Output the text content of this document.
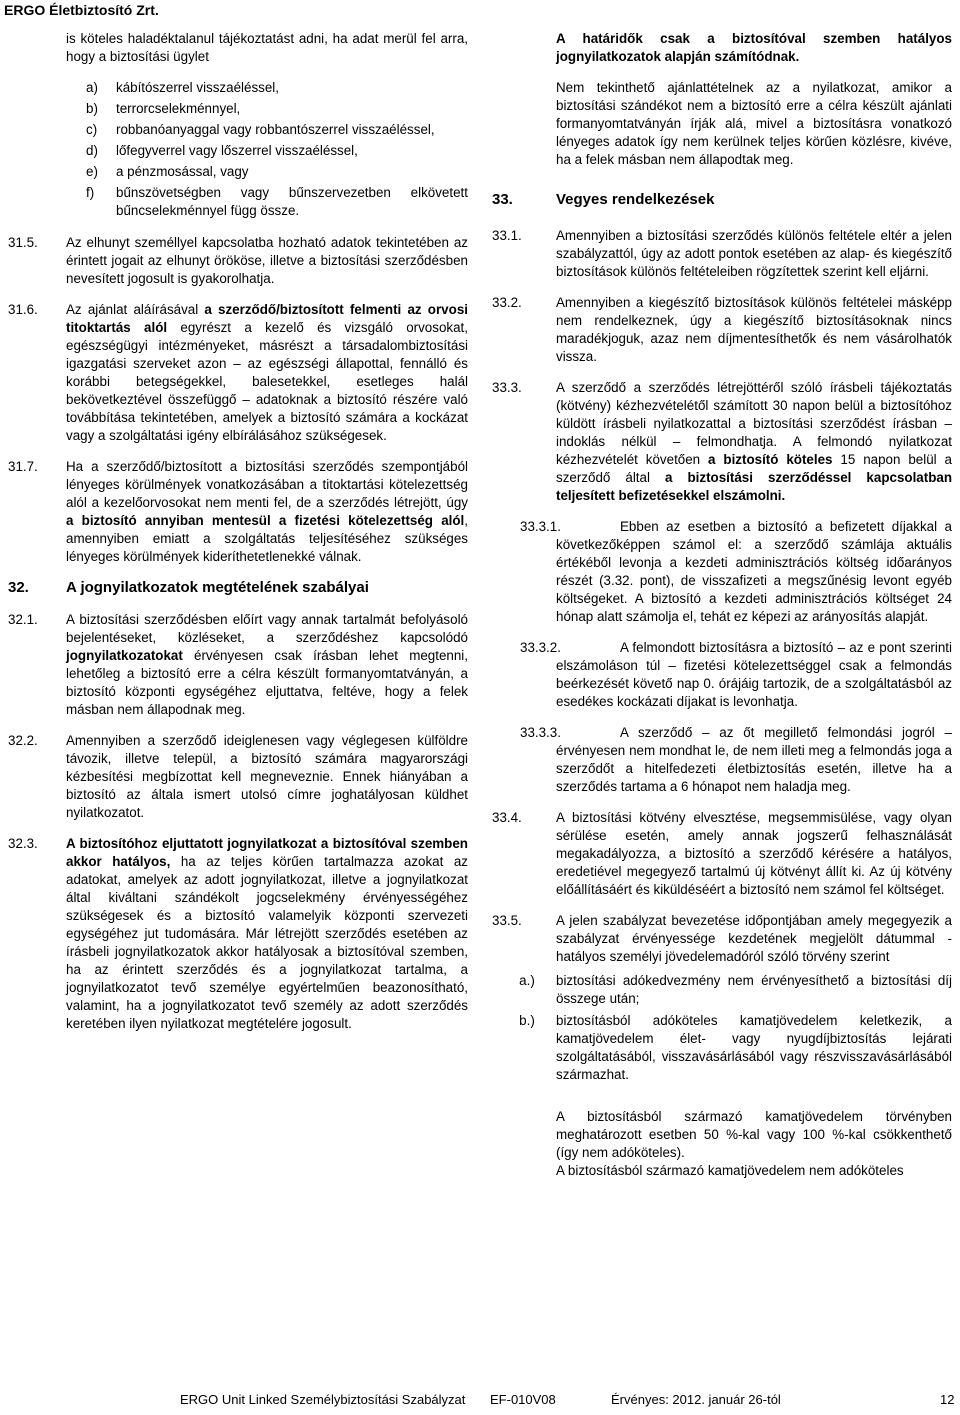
ERGO Életbiztosító Zrt.

is köteles haladéktalanul tájékoztatást adni, ha adat merül fel arra, hogy a biztosítási ügylet

a)	kábítószerrel visszaéléssel,
b)	terrorcselekménnyel,
c)	robbanóanyaggal vagy robbantószerrel visszaéléssel,
d)	lőfegyverrel vagy lőszerrel visszaéléssel,
e)	a pénzmosással, vagy
f)	bűnszövetségben vagy bűnszervezetben elkövetett bűncselekménnyel függ össze.
31.5. Az elhunyt személlyel kapcsolatba hozható adatok tekintetében az érintett jogait az elhunyt örököse, illetve a biztosítási szerződésben nevesített jogosult is gyakorolhatja.

31.6. Az ajánlat aláírásával a szerződő/biztosított felmenti az orvosi titoktartás alól egyrészt a kezelő és vizsgáló orvosokat, egészségügyi intézményeket, másrészt a társadalombiztosítási igazgatási szerveket azon – az egészségi állapottal, fennálló és korábbi betegségekkel, balesetekkel, esetleges halál bekövetkeztével összefüggő – adatoknak a biztosító részére való továbbítása tekintetében, amelyek a biztosító számára a kockázat vagy a szolgáltatási igény elbírálásához szükségesek.

31.7. Ha a szerződő/biztosított a biztosítási szerződés szempontjából lényeges körülmények vonatkozásában a titoktartási kötelezettség alól a kezelőorvosokat nem menti fel, de a szerződés létrejött, úgy a biztosító annyiban mentesül a fizetési kötelezettség alól, amennyiben emiatt a szolgáltatás teljesítéséhez szükséges lényeges körülmények kideríthetetlenekké válnak.

32. A jognyilatkozatok megtételének szabályai
32.1. A biztosítási szerződésben előírt vagy annak tartalmát befolyásoló bejelentéseket, közléseket, a szerződéshez kapcsolódó jognyilatkozatokat érvényesen csak írásban lehet megtenni, lehetőleg a biztosító erre a célra készült formanyomtatványán, a biztosító központi egységéhez eljuttatva, feltéve, hogy a felek másban nem állapodnak meg.

32.2. Amennyiben a szerződő ideiglenesen vagy véglegesen külföldre távozik, illetve települ, a biztosító számára magyarországi kézbesítési megbízottat kell megneveznie. Ennek hiányában a biztosító az általa ismert utolsó címre joghatályosan küldhet nyilatkozatot.

32.3. A biztosítóhoz eljuttatott jognyilatkozat a biztosítóval szemben akkor hatályos, ha az teljes körűen tartalmazza azokat az adatokat, amelyek az adott jognyilatkozat, illetve a jognyilatkozat által kiváltani szándékolt jogcselekmény érvényességéhez szükségesek és a biztosító valamelyik központi szervezeti egységéhez jut tudomására. Már létrejött szerződés esetében az írásbeli jognyilatkozatok akkor hatályosak a biztosítóval szemben, ha az érintett szerződés és a jognyilatkozat tartalma, a jognyilatkozatot tevő személye egyértelműen beazonosítható, valamint, ha a jognyilatkozatot tevő személy az adott szerződés keretében ilyen nyilatkozat megtételére jogosult.

A határidők csak a biztosítóval szemben hatályos jognyilatkozatok alapján számítódnak.

Nem tekinthető ajánlattételnek az a nyilatkozat, amikor a biztosítási szándékot nem a biztosító erre a célra készült ajánlati formanyomtatványán írják alá, mivel a biztosításra vonatkozó lényeges adatok így nem kerülnek teljes körűen közlésre, kivéve, ha a felek másban nem állapodtak meg.

33.	Vegyes rendelkezések
33.1.	Amennyiben a biztosítási szerződés különös feltétele eltér a jelen szabályzattól, úgy az adott pontok esetében az alap- és kiegészítő biztosítások különös feltételeiben rögzítettek szerint kell eljárni.

33.2.	Amennyiben a kiegészítő biztosítások különös feltételei másképp nem rendelkeznek, úgy a kiegészítő biztosításoknak nincs maradékjoguk, azaz nem díjmentesíthetők és nem vásárolhatók vissza.

33.3.	A szerződő a szerződés létrejöttéről szóló írásbeli tájékoztatás (kötvény) kézhezvételétől számított 30 napon belül a biztosítóhoz küldött írásbeli nyilatkozattal a biztosítási szerződést írásban – indoklás nélkül – felmondhatja. A felmondó nyilatkozat kézhezvételét követően a biztosító köteles 15 napon belül a szerződő által a biztosítási szerződéssel kapcsolatban teljesített befizetésekkel elszámolni.

33.3.1.	Ebben az esetben a biztosító a befizetett díjakkal a következőképpen számol el: a szerződő számlája aktuális értékéből levonja a kezdeti adminisztrációs költség időarányos részét (3.32. pont), de visszafizeti a megszűnésig levont egyéb költségeket. A biztosító a kezdeti adminisztrációs költséget 24 hónap alatt számolja el, tehát ez képezi az arányosítás alapját.

33.3.2.	A felmondott biztosításra a biztosító – az e pont szerinti elszámoláson túl – fizetési kötelezettséggel csak a felmondás beérkezését követő nap 0. órájáig tartozik, de a szolgáltatásból az esedékes kockázati díjakat is levonhatja.

33.3.3.	A szerződő – az őt megillető felmondási jogról – érvényesen nem mondhat le, de nem illeti meg a felmondás joga a szerződőt a hitelfedezeti életbiztosítás esetén, illetve ha a szerződés tartama a 6 hónapot nem haladja meg.

33.4.	A biztosítási kötvény elvesztése, megsemmisülése, vagy olyan sérülése esetén, amely annak jogszerű felhasználását megakadályozza, a biztosító a szerződő kérésére a hatályos, eredetiével megegyező tartalmú új kötvényt állít ki. Az új kötvény előállításáért és kiküldéséért a biztosító nem számol fel költséget.

33.5.	A jelen szabályzat bevezetése időpontjában amely megegyezik a szabályzat érvényessége kezdetének megjelölt dátummal - hatályos személyi jövedelemadóról szóló törvény szerint

a.)	biztosítási adókedvezmény nem érvényesíthető a biztosítási díj összege után;
b.)	biztosításból adóköteles kamatjövedelem keletkezik, a kamatjövedelem élet- vagy nyugdíjbiztosítás lejárati szolgáltatásából, visszavásárlásából vagy részvisszavásárlásából származhat.

A biztosításból származó kamatjövedelem törvényben meghatározott esetben 50 %-kal vagy 100 %-kal csökkenthető (így nem adóköteles).

A biztosításból származó kamatjövedelem nem adóköteles

ERGO Unit Linked Személybiztosítási Szabályzat EF-010V08	Érvényes: 2012. január 26-tól	12
